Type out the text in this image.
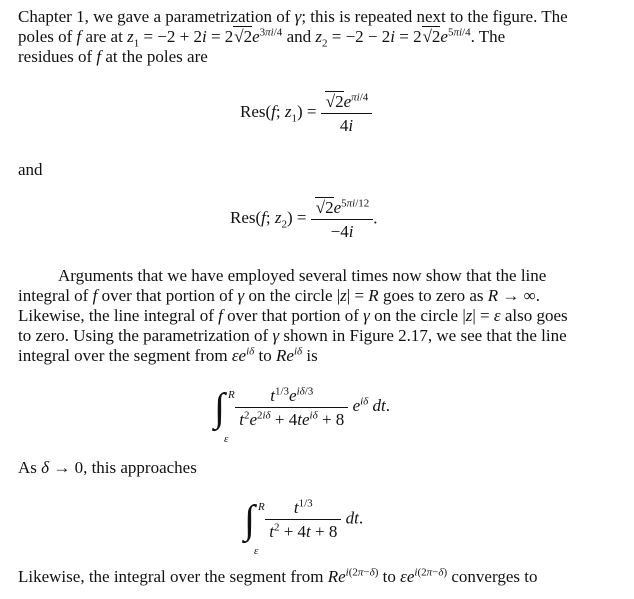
Chapter 1, we gave a parametrization of γ; this is repeated next to the figure. The
poles of f are at $z_1 = -2 + 2i = 2√2e^{3\pi i/4}$ and $z_2 = -2 - 2i = 2√2e^{5\pi i/4}$. The
residues of f at the poles are
Res(f; $z_1) = \frac{√2e^{\pi i/4}}{4i}$
and
Res(f; $z_2) = \frac{√2e^{5\pi i/12}}{-4i}$ .
Arguments that we have employed several times now show that the line
integral of f over that portion of γ on the circle |z| = R goes to zero as R → ∞.
Likewise, the line integral of f over that portion of γ on the circle |z| = ε also goes
to zero. Using the parametrization of γ shown in Figure 2.17, we see that the line
integral over the segment from $\varepsilon e^{i\delta}$ to $Re^{i\delta}$ is
∫ R
ε
$\frac{t^{1/3}e^{i\delta/3}}{t^2e^{2i\delta} + 4te^{i\delta} + 8} e^{i\delta}$ dt.
As δ → 0, this approaches
∫ R
ε
$\frac{t^{1/3}}{t^2 + 4t + 8}$ dt.
Likewise, the integral over the segment from $Re^{i(2\pi-\delta)}$ to $\varepsilon e^{i(2\pi-\delta)}$ converges to
